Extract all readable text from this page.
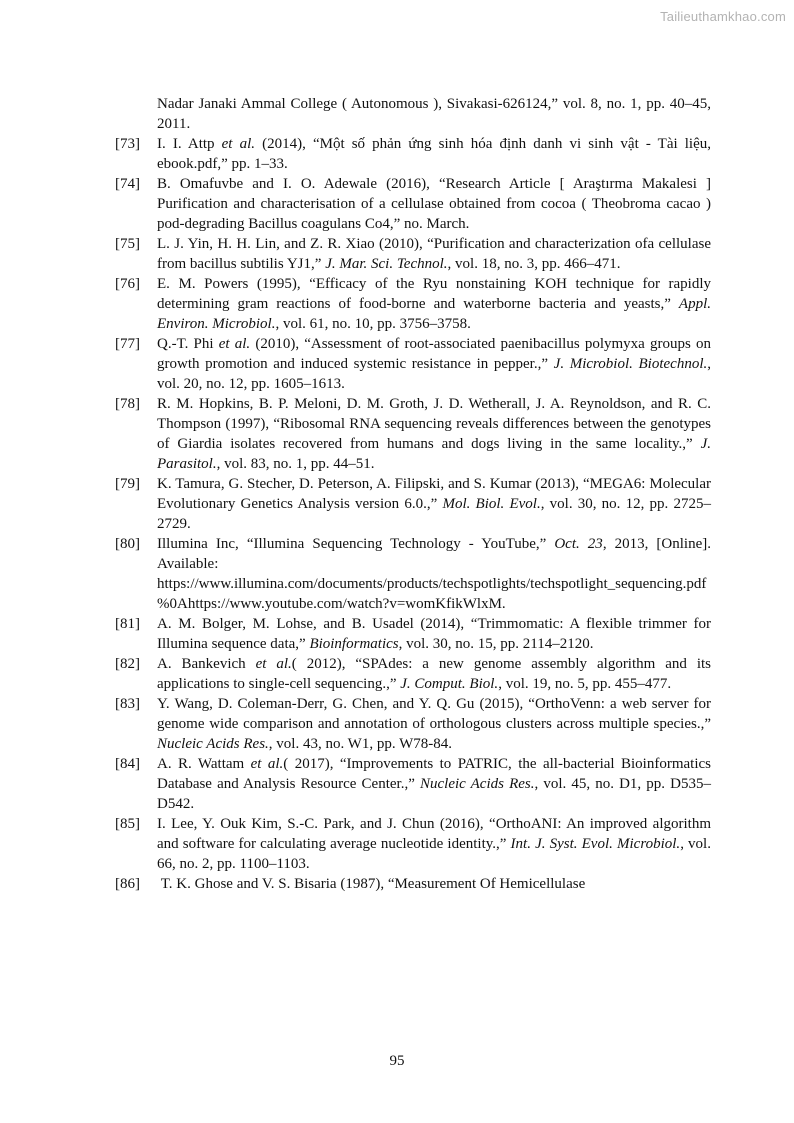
Tailieuthamkhao.com
Nadar Janaki Ammal College ( Autonomous ), Sivakasi-626124,” vol. 8, no. 1, pp. 40–45, 2011.
[73] I. I. Attp et al. (2014), “Một số phản ứng sinh hóa định danh vi sinh vật - Tài liệu, ebook.pdf,” pp. 1–33.
[74] B. Omafuvbe and I. O. Adewale (2016), “Research Article [ Araştırma Makalesi ] Purification and characterisation of a cellulase obtained from cocoa ( Theobroma cacao ) pod-degrading Bacillus coagulans Co4,” no. March.
[75] L. J. Yin, H. H. Lin, and Z. R. Xiao (2010), “Purification and characterization ofa cellulase from bacillus subtilis YJ1,” J. Mar. Sci. Technol., vol. 18, no. 3, pp. 466–471.
[76] E. M. Powers (1995), “Efficacy of the Ryu nonstaining KOH technique for rapidly determining gram reactions of food-borne and waterborne bacteria and yeasts,” Appl. Environ. Microbiol., vol. 61, no. 10, pp. 3756–3758.
[77] Q.-T. Phi et al. (2010), “Assessment of root-associated paenibacillus polymyxa groups on growth promotion and induced systemic resistance in pepper.,” J. Microbiol. Biotechnol., vol. 20, no. 12, pp. 1605–1613.
[78] R. M. Hopkins, B. P. Meloni, D. M. Groth, J. D. Wetherall, J. A. Reynoldson, and R. C. Thompson (1997), “Ribosomal RNA sequencing reveals differences between the genotypes of Giardia isolates recovered from humans and dogs living in the same locality.,” J. Parasitol., vol. 83, no. 1, pp. 44–51.
[79] K. Tamura, G. Stecher, D. Peterson, A. Filipski, and S. Kumar (2013), “MEGA6: Molecular Evolutionary Genetics Analysis version 6.0.,” Mol. Biol. Evol., vol. 30, no. 12, pp. 2725–2729.
[80] Illumina Inc, “Illumina Sequencing Technology - YouTube,” Oct. 23, 2013, [Online]. Available: https://www.illumina.com/documents/products/techspotlights/techspotlight_sequencing.pdf%0Ahttps://www.youtube.com/watch?v=womKfikWlxM.
[81] A. M. Bolger, M. Lohse, and B. Usadel (2014), “Trimmomatic: A flexible trimmer for Illumina sequence data,” Bioinformatics, vol. 30, no. 15, pp. 2114–2120.
[82] A. Bankevich et al.( 2012), “SPAdes: a new genome assembly algorithm and its applications to single-cell sequencing.,” J. Comput. Biol., vol. 19, no. 5, pp. 455–477.
[83] Y. Wang, D. Coleman-Derr, G. Chen, and Y. Q. Gu (2015), “OrthoVenn: a web server for genome wide comparison and annotation of orthologous clusters across multiple species.,” Nucleic Acids Res., vol. 43, no. W1, pp. W78-84.
[84] A. R. Wattam et al.( 2017), “Improvements to PATRIC, the all-bacterial Bioinformatics Database and Analysis Resource Center.,” Nucleic Acids Res., vol. 45, no. D1, pp. D535–D542.
[85] I. Lee, Y. Ouk Kim, S.-C. Park, and J. Chun (2016), “OrthoANI: An improved algorithm and software for calculating average nucleotide identity.,” Int. J. Syst. Evol. Microbiol., vol. 66, no. 2, pp. 1100–1103.
[86] T. K. Ghose and V. S. Bisaria (1987), “Measurement Of Hemicellulase
95
